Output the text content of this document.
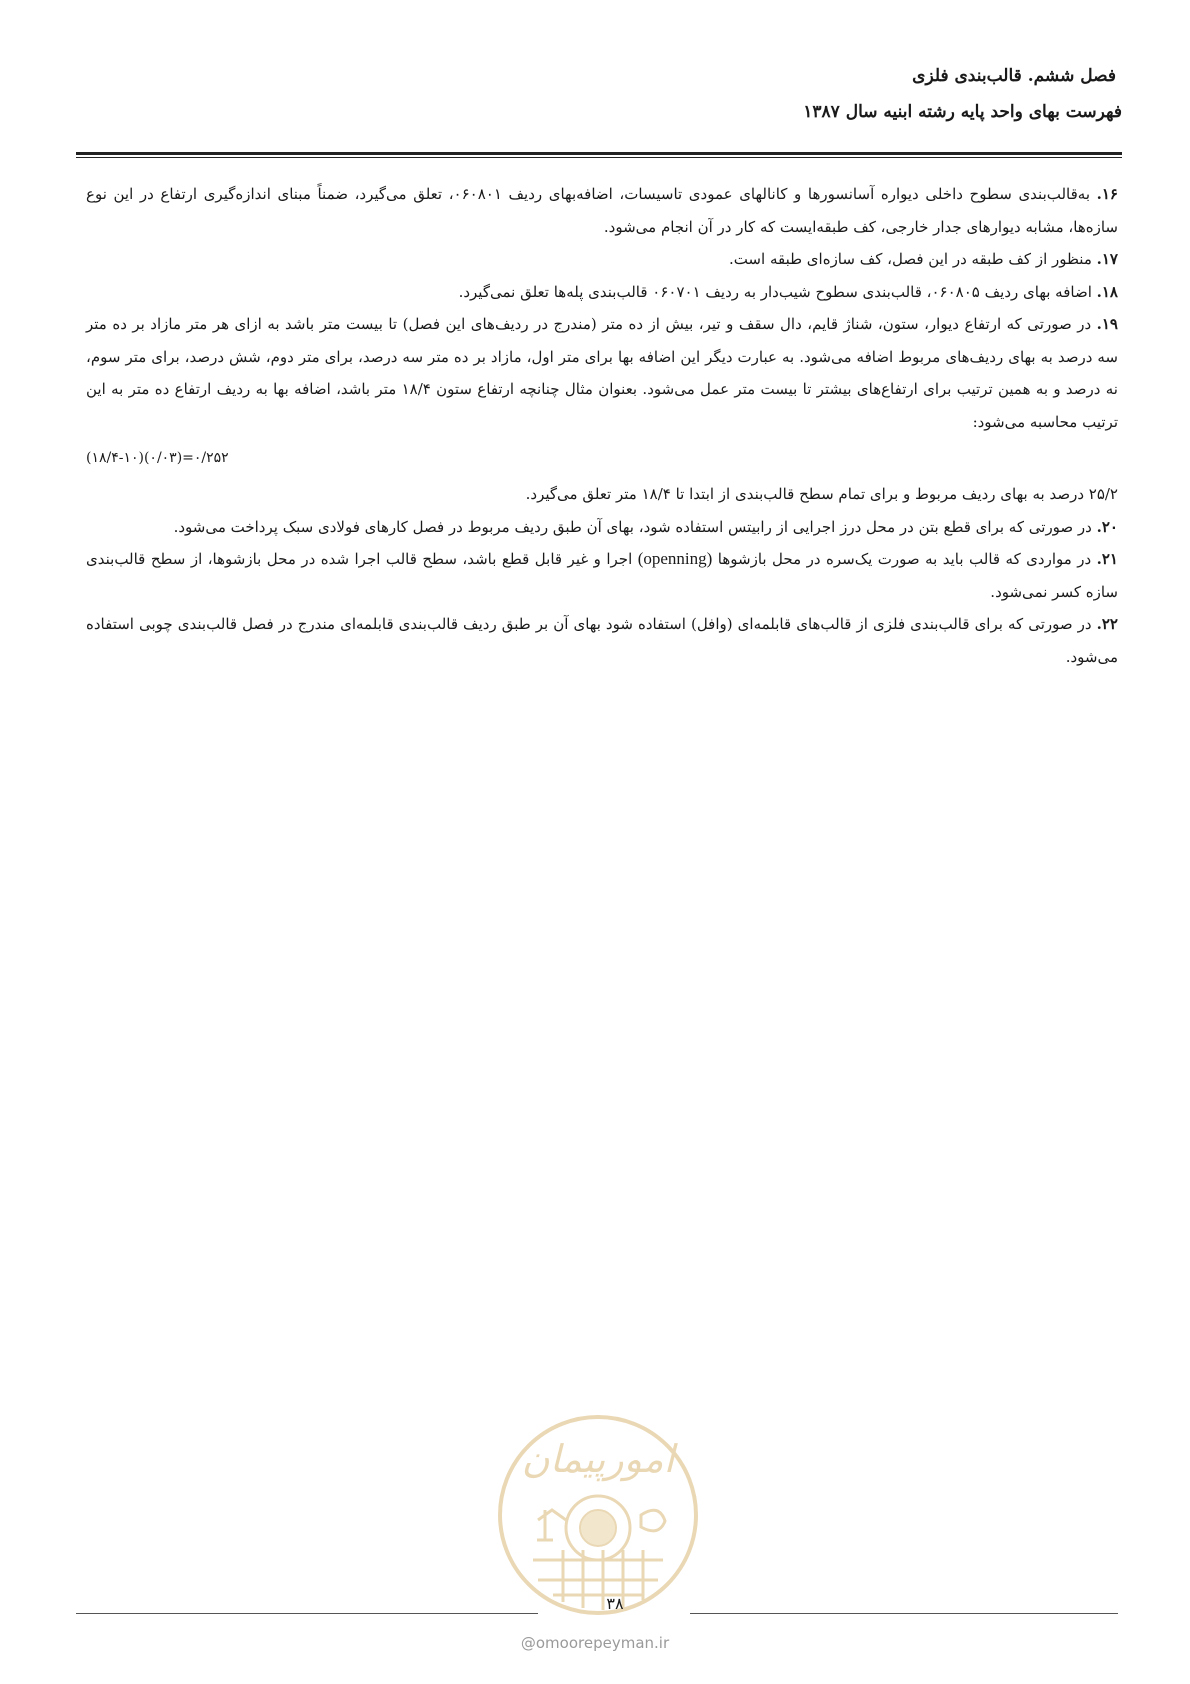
فصل ششم. قالب‌بندی فلزی
فهرست بهای واحد پایه رشته ابنیه سال ۱۳۸۷

۱۶. به‌قالب‌بندی سطوح داخلی دیواره آسانسورها و کانالهای عمودی تاسیسات، اضافه‌بهای ردیف ۰۶۰۸۰۱، تعلق می‌گیرد، ضمناً مبنای اندازه‌گیری ارتفاع در این نوع سازه‌ها، مشابه دیوارهای جدار خارجی، کف طبقه‌ایست که کار در آن انجام می‌شود.

۱۷. منظور از کف طبقه در این فصل، کف سازه‌ای طبقه است.

۱۸. اضافه بهای ردیف ۰۶۰۸۰۵، قالب‌بندی سطوح شیب‌دار به ردیف ۰۶۰۷۰۱ قالب‌بندی پله‌ها تعلق نمی‌گیرد.

۱۹. در صورتی که ارتفاع دیوار، ستون، شناژ قایم، دال سقف و تیر، بیش از ده متر (مندرج در ردیف‌های این فصل) تا بیست متر باشد به ازای هر متر مازاد بر ده متر سه درصد به بهای ردیف‌های مربوط اضافه می‌شود. به عبارت دیگر این اضافه بها برای متر اول، مازاد بر ده متر سه درصد، برای متر دوم، شش درصد، برای متر سوم، نه درصد و به همین ترتیب برای ارتفاع‌های بیشتر تا بیست متر عمل می‌شود. بعنوان مثال چنانچه ارتفاع ستون ۱۸/۴ متر باشد، اضافه بها به ردیف ارتفاع ده متر به این ترتیب محاسبه می‌شود:

(۱۸/۴-۱۰)(۰/۰۳)=۰/۲۵۲

۲۵/۲ درصد به بهای ردیف مربوط و برای تمام سطح قالب‌بندی از ابتدا تا ۱۸/۴ متر تعلق می‌گیرد.

۲۰. در صورتی که برای قطع بتن در محل درز اجرایی از رابیتس استفاده شود، بهای آن طبق ردیف مربوط در فصل کارهای فولادی سبک پرداخت می‌شود.

۲۱. در مواردی که قالب باید به صورت یک‌سره در محل بازشوها (openning) اجرا و غیر قابل قطع باشد، سطح قالب اجرا شده در محل بازشوها، از سطح قالب‌بندی سازه کسر نمی‌شود.

۲۲. در صورتی که برای قالب‌بندی فلزی از قالب‌های قابلمه‌ای (وافل) استفاده شود بهای آن بر طبق ردیف قالب‌بندی قابلمه‌ای مندرج در فصل قالب‌بندی چوبی استفاده می‌شود.

امورپیمان
۳۸
@omoorepeyman.ir
